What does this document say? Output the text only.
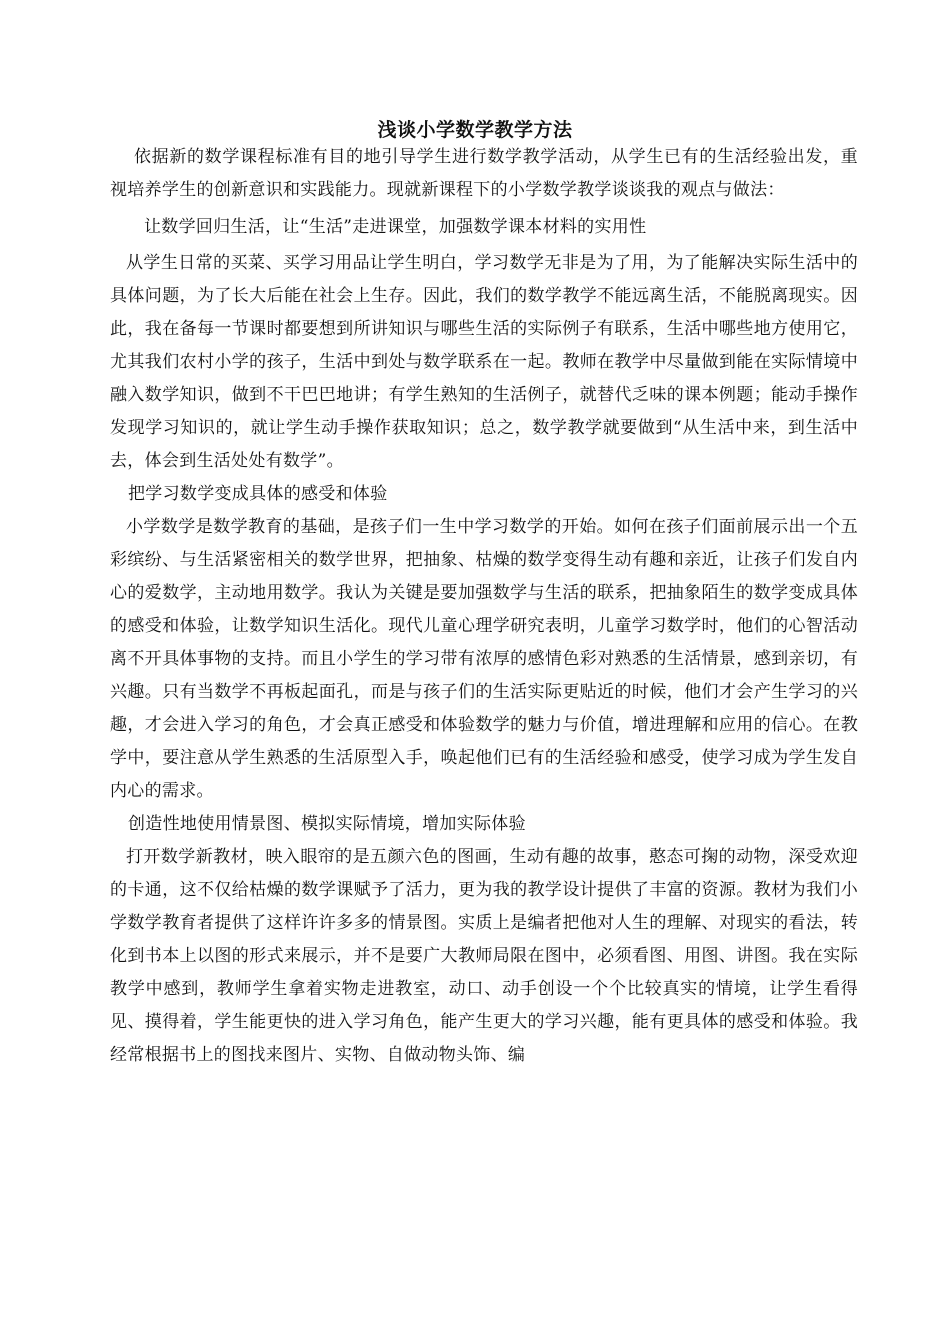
浅谈小学数学教学方法

依据新的数学课程标准有目的地引导学生进行数学教学活动，从学生已有的生活经验出发，重视培养学生的创新意识和实践能力。现就新课程下的小学数学教学谈谈我的观点与做法：

让数学回归生活，让“生活”走进课堂，加强数学课本材料的实用性

从学生日常的买菜、买学习用品让学生明白，学习数学无非是为了用，为了能解决实际生活中的具体问题，为了长大后能在社会上生存。因此，我们的数学教学不能远离生活，不能脱离现实。因此，我在备每一节课时都要想到所讲知识与哪些生活的实际例子有联系，生活中哪些地方使用它，尤其我们农村小学的孩子，生活中到处与数学联系在一起。教师在教学中尽量做到能在实际情境中融入数学知识，做到不干巴巴地讲；有学生熟知的生活例子，就替代乏味的课本例题；能动手操作发现学习知识的，就让学生动手操作获取知识；总之，数学教学就要做到“从生活中来，到生活中去，体会到生活处处有数学”。

把学习数学变成具体的感受和体验

小学数学是数学教育的基础，是孩子们一生中学习数学的开始。如何在孩子们面前展示出一个五彩缤纷、与生活紧密相关的数学世界，把抽象、枯燥的数学变得生动有趣和亲近，让孩子们发自内心的爱数学，主动地用数学。我认为关键是要加强数学与生活的联系，把抽象陌生的数学变成具体的感受和体验，让数学知识生活化。现代儿童心理学研究表明，儿童学习数学时，他们的心智活动离不开具体事物的支持。而且小学生的学习带有浓厚的感情色彩对熟悉的生活情景，感到亲切，有兴趣。只有当数学不再板起面孔，而是与孩子们的生活实际更贴近的时候，他们才会产生学习的兴趣，才会进入学习的角色，才会真正感受和体验数学的魅力与价值，增进理解和应用的信心。在教学中，要注意从学生熟悉的生活原型入手，唤起他们已有的生活经验和感受，使学习成为学生发自内心的需求。

创造性地使用情景图、模拟实际情境，增加实际体验

打开数学新教材，映入眼帘的是五颜六色的图画，生动有趣的故事，憨态可掬的动物，深受欢迎的卡通，这不仅给枯燥的数学课赋予了活力，更为我的教学设计提供了丰富的资源。教材为我们小学数学教育者提供了这样许许多多的情景图。实质上是编者把他对人生的理解、对现实的看法，转化到书本上以图的形式来展示，并不是要广大教师局限在图中，必须看图、用图、讲图。我在实际教学中感到，教师学生拿着实物走进教室，动口、动手创设一个个比较真实的情境，让学生看得见、摸得着，学生能更快的进入学习角色，能产生更大的学习兴趣，能有更具体的感受和体验。我经常根据书上的图找来图片、实物、自做动物头饰、编
